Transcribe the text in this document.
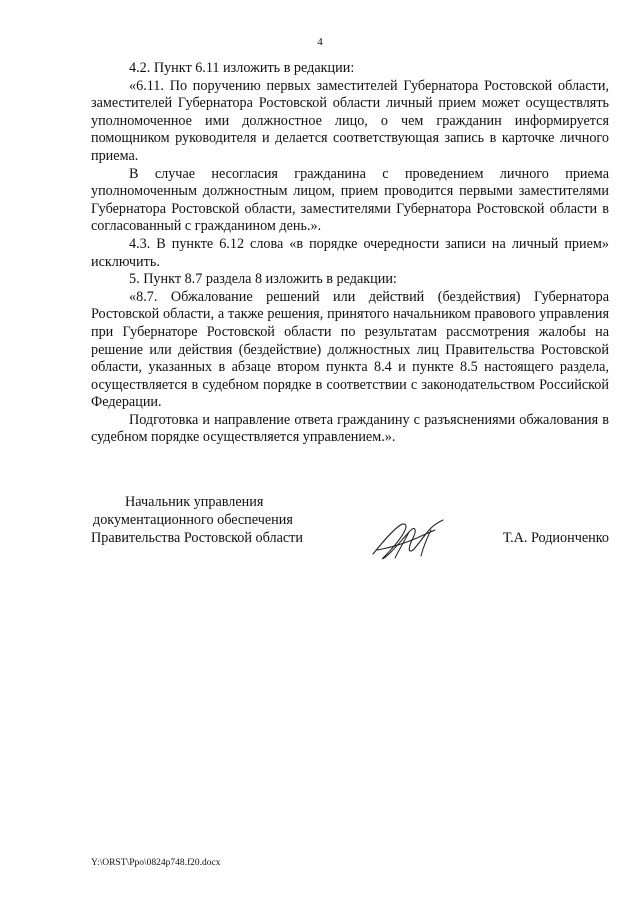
4

4.2. Пункт 6.11 изложить в редакции:

«6.11. По поручению первых заместителей Губернатора Ростовской области, заместителей Губернатора Ростовской области личный прием может осуществлять уполномоченное ими должностное лицо, о чем гражданин информируется помощником руководителя и делается соответствующая запись в карточке личного приема.

В случае несогласия гражданина с проведением личного приема уполномоченным должностным лицом, прием проводится первыми заместителями Губернатора Ростовской области, заместителями Губернатора Ростовской области в согласованный с гражданином день.».

4.3. В пункте 6.12 слова «в порядке очередности записи на личный прием» исключить.

5. Пункт 8.7 раздела 8 изложить в редакции:

«8.7. Обжалование решений или действий (бездействия) Губернатора Ростовской области, а также решения, принятого начальником правового управления при Губернаторе Ростовской области по результатам рассмотрения жалобы на решение или действия (бездействие) должностных лиц Правительства Ростовской области, указанных в абзаце втором пункта 8.4 и пункте 8.5 настоящего раздела, осуществляется в судебном порядке в соответствии с законодательством Российской Федерации.

Подготовка и направление ответа гражданину с разъяснениями обжалования в судебном порядке осуществляется управлением.».

Начальник управления
документационного обеспечения
Правительства Ростовской области	Т.А. Родионченко
Y:\ORST\Ppo\0824p748.f20.docx
